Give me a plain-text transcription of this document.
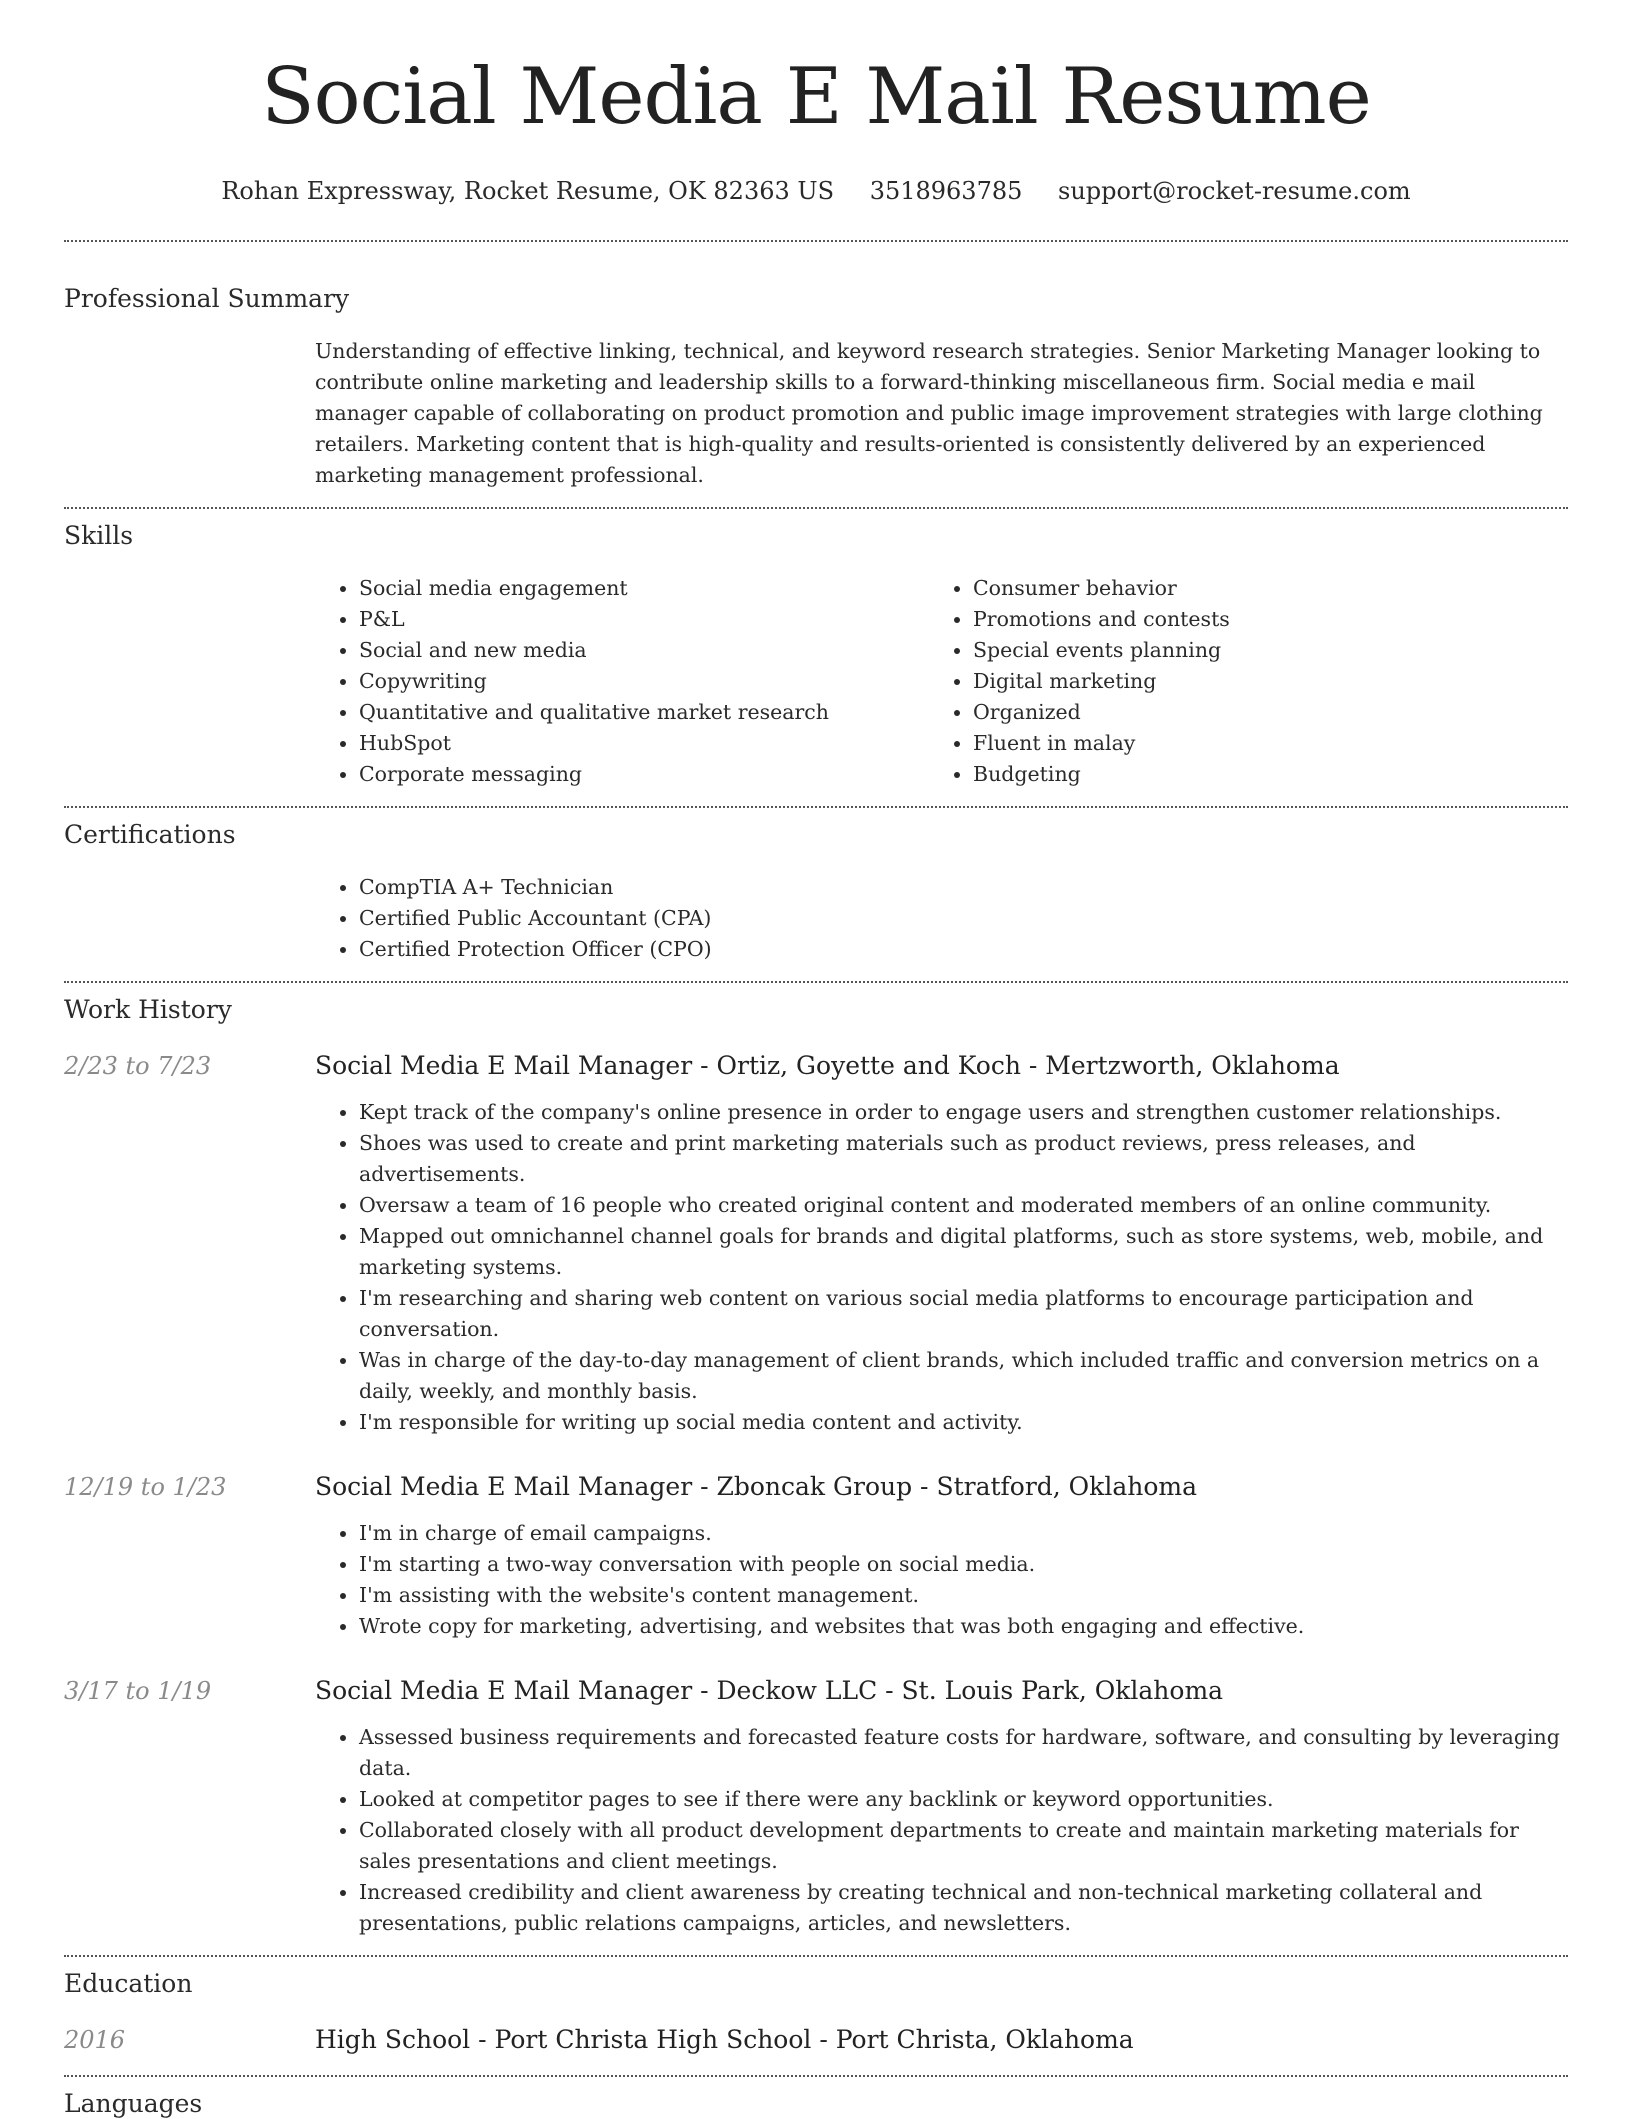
Social Media E Mail Resume
Rohan Expressway, Rocket Resume, OK 82363 US 3518963785 support@rocket-resume.com
Professional Summary

Understanding of effective linking, technical, and keyword research strategies. Senior Marketing Manager looking to contribute online marketing and leadership skills to a forward-thinking miscellaneous firm. Social media e mail manager capable of collaborating on product promotion and public image improvement strategies with large clothing retailers. Marketing content that is high-quality and results-oriented is consistently delivered by an experienced marketing management professional.

Skills
• Social media engagement
• P&L
• Social and new media
• Copywriting
• Quantitative and qualitative market research
• HubSpot
• Corporate messaging
• Consumer behavior
• Promotions and contests
• Special events planning
• Digital marketing
• Organized
• Fluent in malay
• Budgeting
Certifications
• CompTIA A+ Technician
• Certified Public Accountant (CPA)
• Certified Protection Officer (CPO)
Work History
2/23 to 7/23	Social Media E Mail Manager - Ortiz, Goyette and Koch - Mertzworth, Oklahoma
• Kept track of the company's online presence in order to engage users and strengthen customer relationships.
• Shoes was used to create and print marketing materials such as product reviews, press releases, and advertisements.
• Oversaw a team of 16 people who created original content and moderated members of an online community.
• Mapped out omnichannel channel goals for brands and digital platforms, such as store systems, web, mobile, and marketing systems.
• I'm researching and sharing web content on various social media platforms to encourage participation and conversation.
• Was in charge of the day-to-day management of client brands, which included traffic and conversion metrics on a daily, weekly, and monthly basis.
• I'm responsible for writing up social media content and activity.
12/19 to 1/23	Social Media E Mail Manager - Zboncak Group - Stratford, Oklahoma
• I'm in charge of email campaigns.
• I'm starting a two-way conversation with people on social media.
• I'm assisting with the website's content management.
• Wrote copy for marketing, advertising, and websites that was both engaging and effective.
3/17 to 1/19	Social Media E Mail Manager - Deckow LLC - St. Louis Park, Oklahoma
• Assessed business requirements and forecasted feature costs for hardware, software, and consulting by leveraging data.
• Looked at competitor pages to see if there were any backlink or keyword opportunities.
• Collaborated closely with all product development departments to create and maintain marketing materials for sales presentations and client meetings.
• Increased credibility and client awareness by creating technical and non-technical marketing collateral and presentations, public relations campaigns, articles, and newsletters.
Education
2016	High School - Port Christa High School - Port Christa, Oklahoma
Languages
